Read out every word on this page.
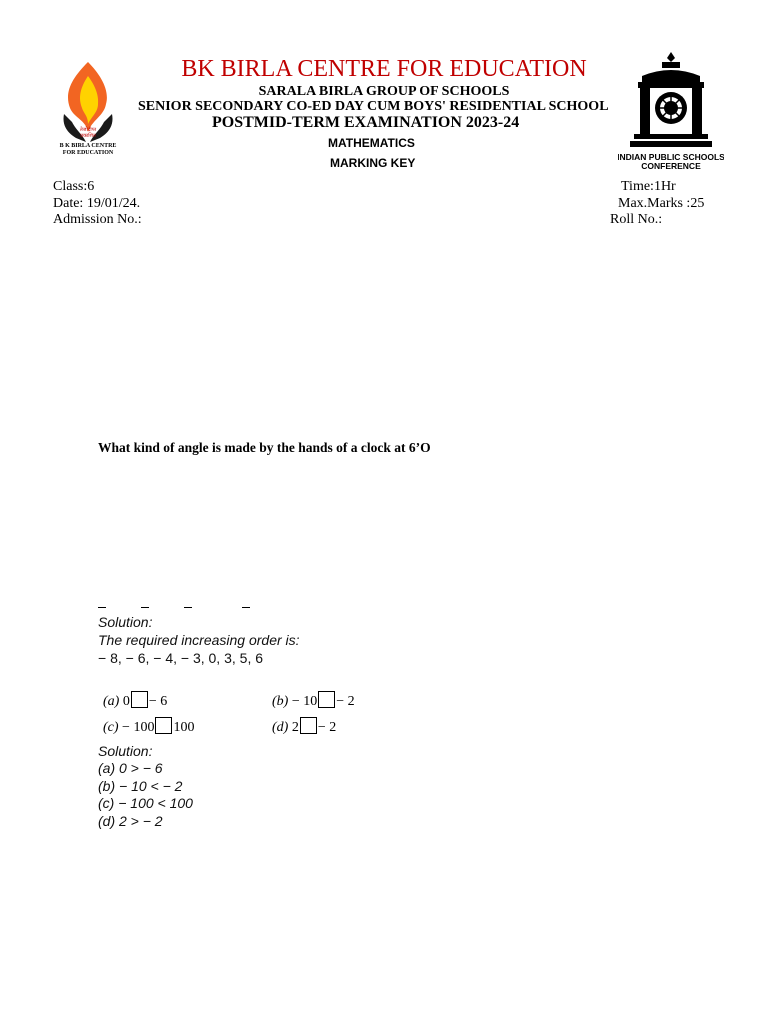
तेजोदीप्त
प्रकाशित
B K BIRLA CENTRE
FOR EDUCATION	INDIAN PUBLIC SCHOOLS
CONFERENCE
BK BIRLA CENTRE FOR EDUCATION
SARALA BIRLA GROUP OF SCHOOLS
SENIOR SECONDARY CO-ED DAY CUM BOYS' RESIDENTIAL SCHOOL
POSTMID-TERM EXAMINATION 2023-24
MATHEMATICS
MARKING KEY
Class:6
Date: 19/01/24.
Admission No.:
Time:1Hr
Max.Marks :25
Roll No.:
What kind of angle is made by the hands of a clock at 6’O
Solution:
The required increasing order is:
− 8, − 6, − 4, − 3, 0, 3, 5, 6
(a) 0 − 6	(b) − 10 − 2
(c) − 100 100	(d) 2 − 2
Solution:
(a) 0 > − 6
(b) − 10 < − 2
(c) − 100 < 100
(d) 2 > − 2
